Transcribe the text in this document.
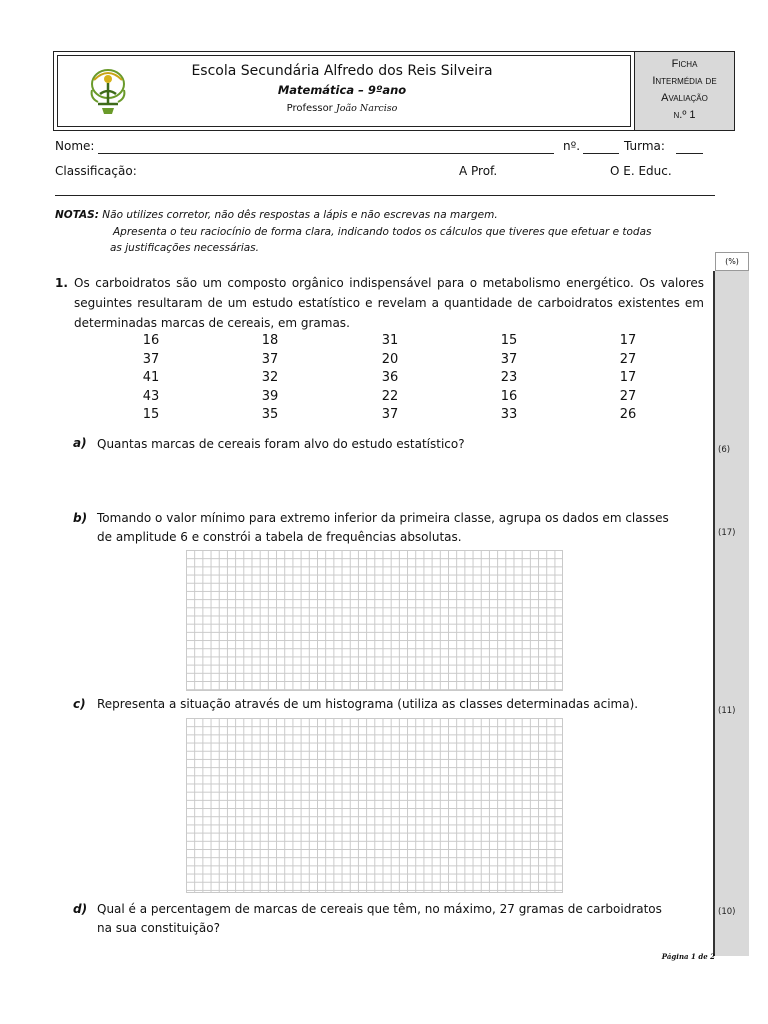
Ficha
Intermédia de
Avaliação
n.º 1
Escola Secundária Alfredo dos Reis Silveira
Matemática – 9ºano
Professor João Narciso
Nome:	nº.	Turma:
Classificação:	A Prof.	O E. Educ.
NOTAS: Não utilizes corretor, não dês respostas a lápis e não escrevas na margem.
Apresenta o teu raciocínio de forma clara, indicando todos os cálculos que tiveres que efetuar e todas
as justificações necessárias.
(%)
(6)
(17)
(11)
(10)
1. Os carboidratos são um composto orgânico indispensável para o metabolismo energético. Os valores seguintes resultaram de um estudo estatístico e revelam a quantidade de carboidratos existentes em determinadas marcas de cereais, em gramas.
16	18	31	15	17
37	37	20	37	27
41	32	36	23	17
43	39	22	16	27
15	35	37	33	26
a) Quantas marcas de cereais foram alvo do estudo estatístico?
b) Tomando o valor mínimo para extremo inferior da primeira classe, agrupa os dados em classes
de amplitude 6 e constrói a tabela de frequências absolutas.
c) Representa a situação através de um histograma (utiliza as classes determinadas acima).
d) Qual é a percentagem de marcas de cereais que têm, no máximo, 27 gramas de carboidratos
na sua constituição?
Página 1 de 2
